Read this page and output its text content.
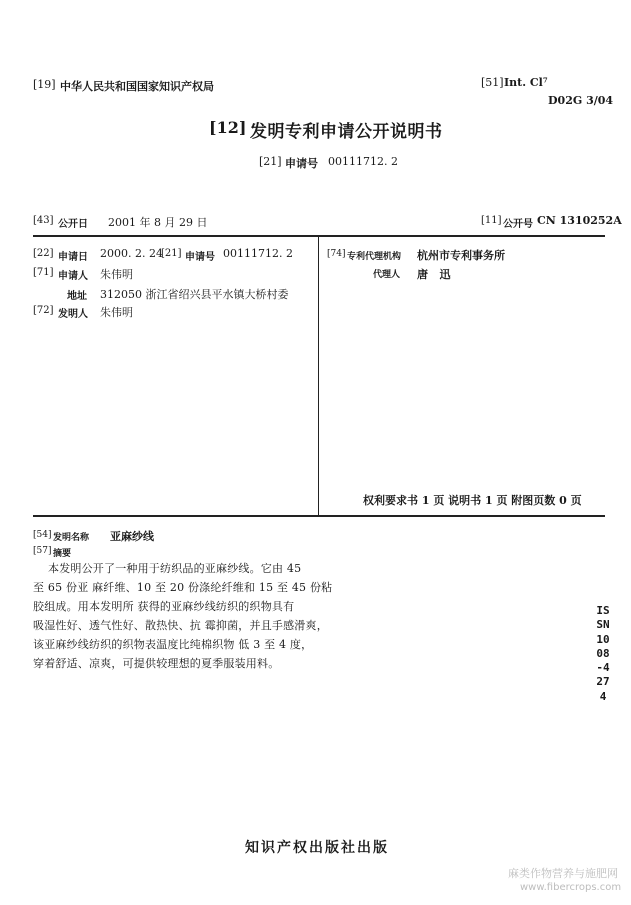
[19] 中华人民共和国国家知识产权局	[51] Int. Cl⁷
D02G 3/04
[12] 发明专利申请公开说明书
[21] 申请号 00111712. 2
[43] 公开日 2001 年 8 月 29 日	[11] 公开号 CN 1310252A
[22] 申请日 2000. 2. 24
[21] 申请号 00111712. 2
[71] 申请人 朱伟明
地址 312050 浙江省绍兴县平水镇大桥村委
[72] 发明人 朱伟明
[74] 专利代理机构 杭州市专利事务所
代理人 唐   迅
权利要求书 1 页 说明书 1 页 附图页数 0 页
[54] 发明名称 亚麻纱线
[57] 摘要
本发明公开了一种用于纺织品的亚麻纱线。它由 45
至 65 份亚 麻纤维、10 至 20 份涤纶纤维和 15 至 45 份粘
胶组成。用本发明所 获得的亚麻纱线纺织的织物具有
吸湿性好、透气性好、散热快、抗 霉抑菌，并且手感滑爽，
该亚麻纱线纺织的织物表温度比纯棉织物 低 3 至 4 度，
穿着舒适、凉爽，可提供较理想的夏季服装用料。
ISSN1008-4274
知识产权出版社出版
麻类作物营养与施肥网
www.fibercrops.com
